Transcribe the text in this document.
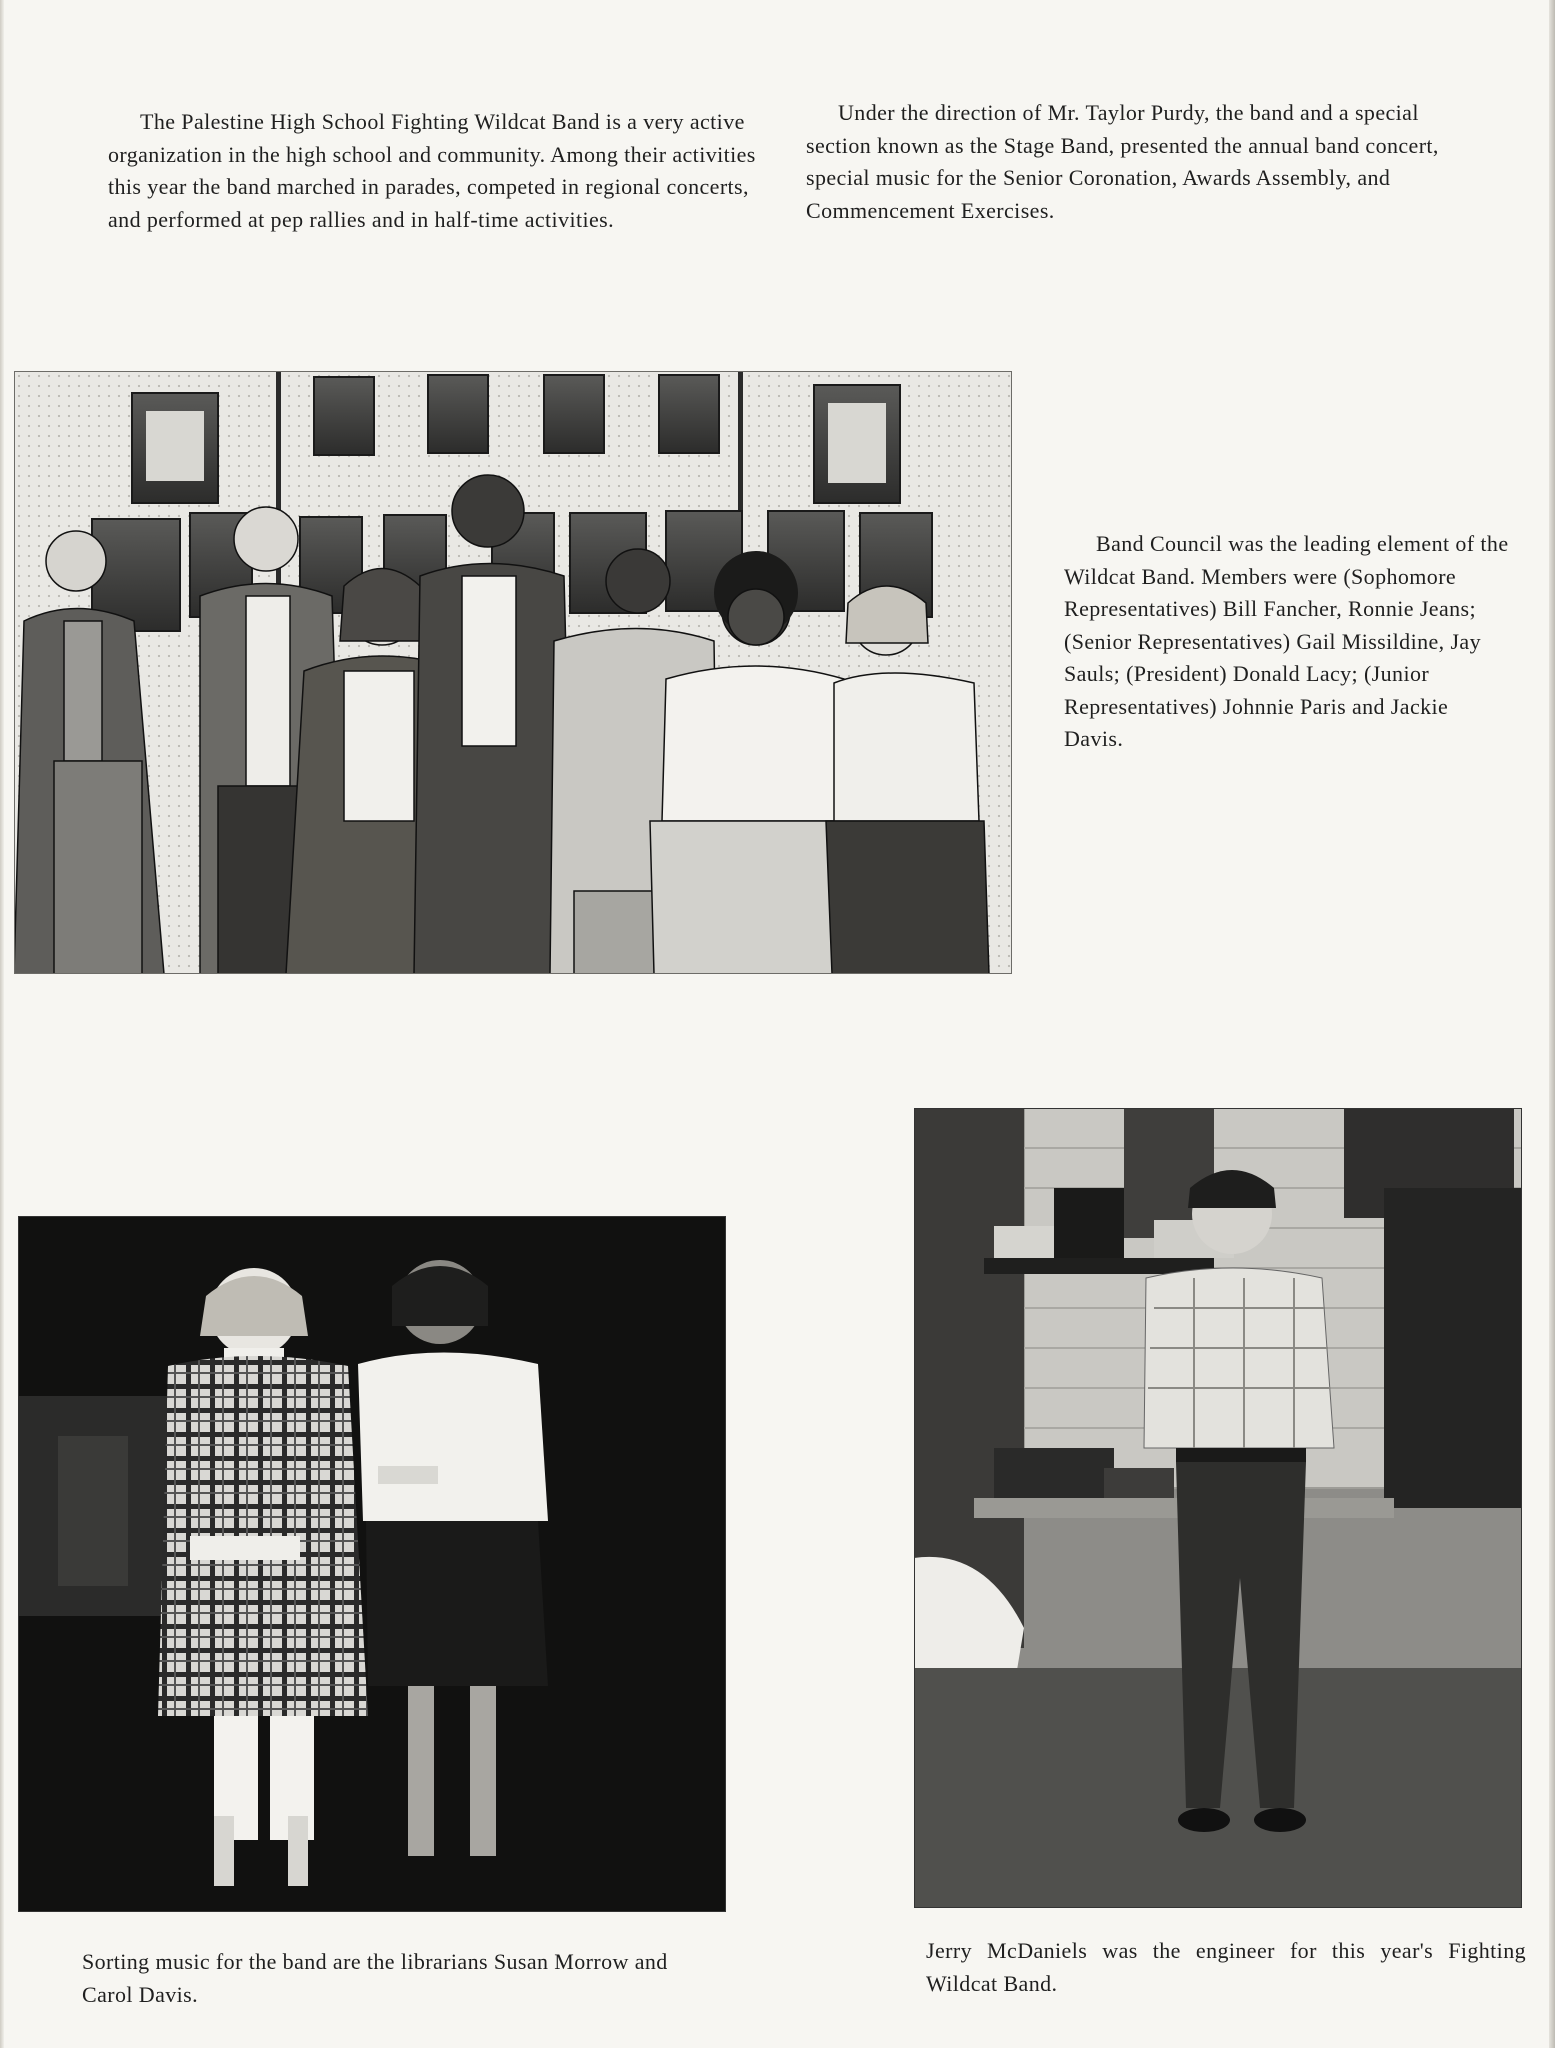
The Palestine High School Fighting Wildcat Band is a very active organization in the high school and community. Among their activities this year the band marched in parades, competed in regional concerts, and performed at pep rallies and in half-time activities.

Under the direction of Mr. Taylor Purdy, the band and a special section known as the Stage Band, presented the annual band concert, special music for the Senior Coronation, Awards Assembly, and Commencement Exercises.

Band Council was the leading element of the Wildcat Band. Members were (Sophomore Representatives) Bill Fancher, Ronnie Jeans; (Senior Representatives) Gail Missildine, Jay Sauls; (President) Donald Lacy; (Junior Representatives) Johnnie Paris and Jackie Davis.

Sorting music for the band are the librarians Susan Morrow and Carol Davis.

Jerry McDaniels was the engineer for this year's Fighting Wildcat Band.
